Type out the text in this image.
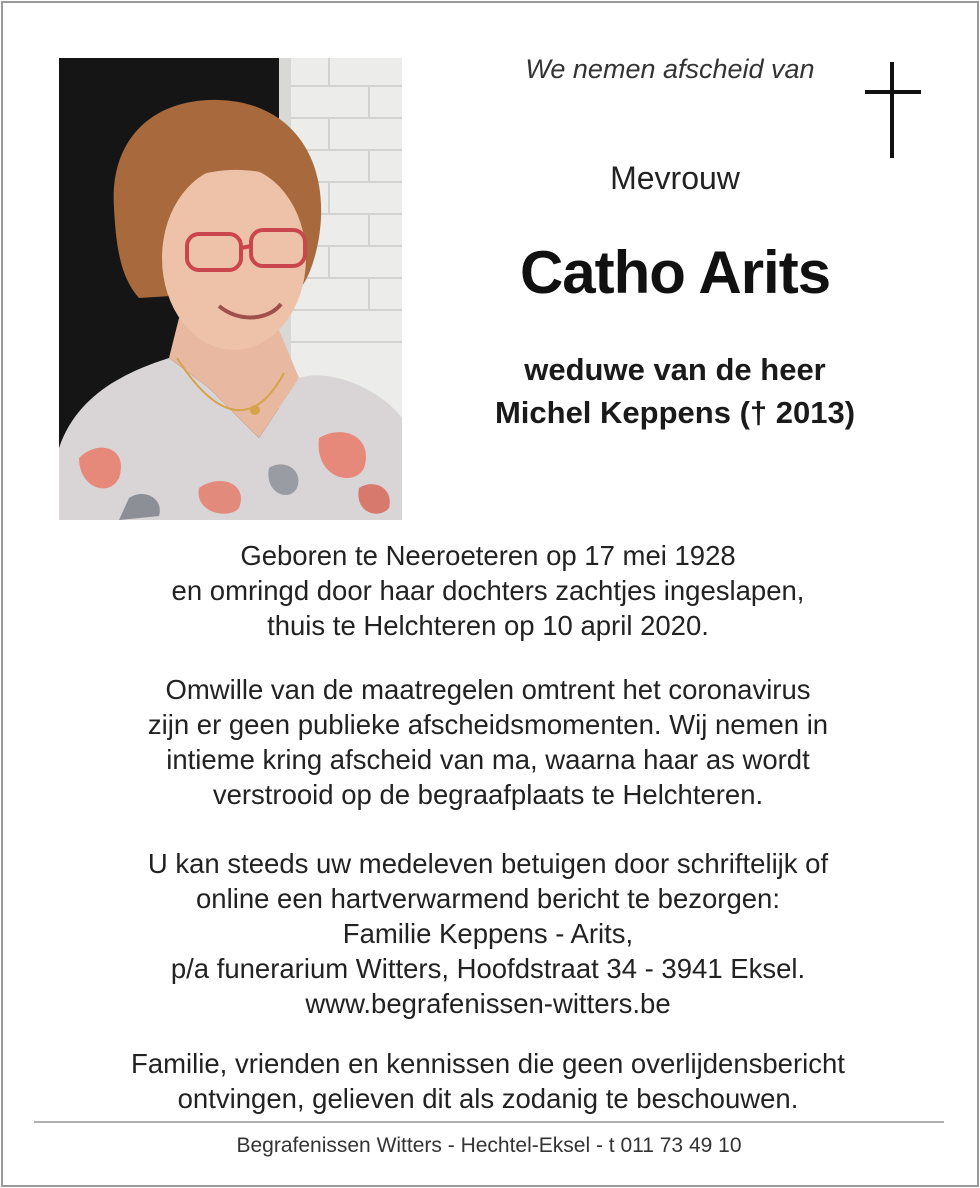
We nemen afscheid van
Mevrouw
Catho Arits
weduwe van de heer
Michel Keppens († 2013)
Geboren te Neeroeteren op 17 mei 1928
en omringd door haar dochters zachtjes ingeslapen,
thuis te Helchteren op 10 april 2020.
Omwille van de maatregelen omtrent het coronavirus
zijn er geen publieke afscheidsmomenten. Wij nemen in
intieme kring afscheid van ma, waarna haar as wordt
verstrooid op de begraafplaats te Helchteren.
U kan steeds uw medeleven betuigen door schriftelijk of
online een hartverwarmend bericht te bezorgen:
Familie Keppens - Arits,
p/a funerarium Witters, Hoofdstraat 34 - 3941 Eksel.
www.begrafenissen-witters.be
Familie, vrienden en kennissen die geen overlijdensbericht
ontvingen, gelieven dit als zodanig te beschouwen.
Begrafenissen Witters - Hechtel-Eksel - t 011 73 49 10
